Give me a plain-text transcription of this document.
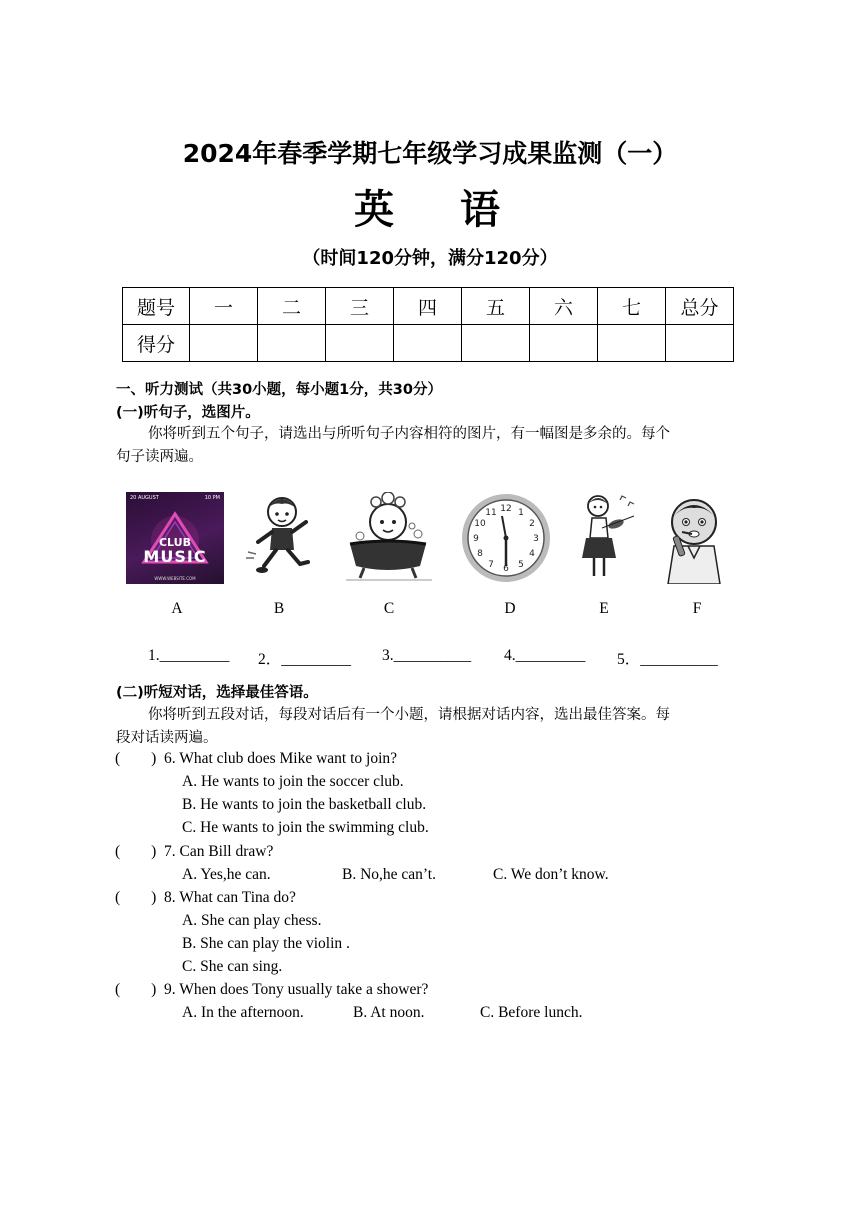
2024年春季学期七年级学习成果监测（一）
英 语
（时间120分钟，满分120分）
题号	一	二	三	四	五	六	七	总分
得分								
一、听力测试（共30小题，每小题1分，共30分）
(一)听句子，选图片。
你将听到五个句子，请选出与所听句子内容相符的图片，有一幅图是多余的。每个
句子读两遍。
20 AUGUST	10 PM
CLUB
MUSIC
WWW.WEBSITE.COM
12 1
2
3
4
5
6
7
8
9
10
11
A	B	C	D	E	F
1._________ 2．_________ 3.__________ 4._________ 5．__________
(二)听短对话，选择最佳答语。
你将听到五段对话，每段对话后有一个小题，请根据对话内容，选出最佳答案。每
段对话读两遍。
(        ) 6. What club does Mike want to join?
A. He wants to join the soccer club.
B. He wants to join the basketball club.
C. He wants to join the swimming club.
(        ) 7. Can Bill draw?
A. Yes,he can.	B. No,he can’t.	C. We don’t know.
(        ) 8. What can Tina do?
A. She can play chess.
B. She can play the violin .
C. She can sing.
(        ) 9. When does Tony usually take a shower?
A. In the afternoon.	B. At noon.	C. Before lunch.
